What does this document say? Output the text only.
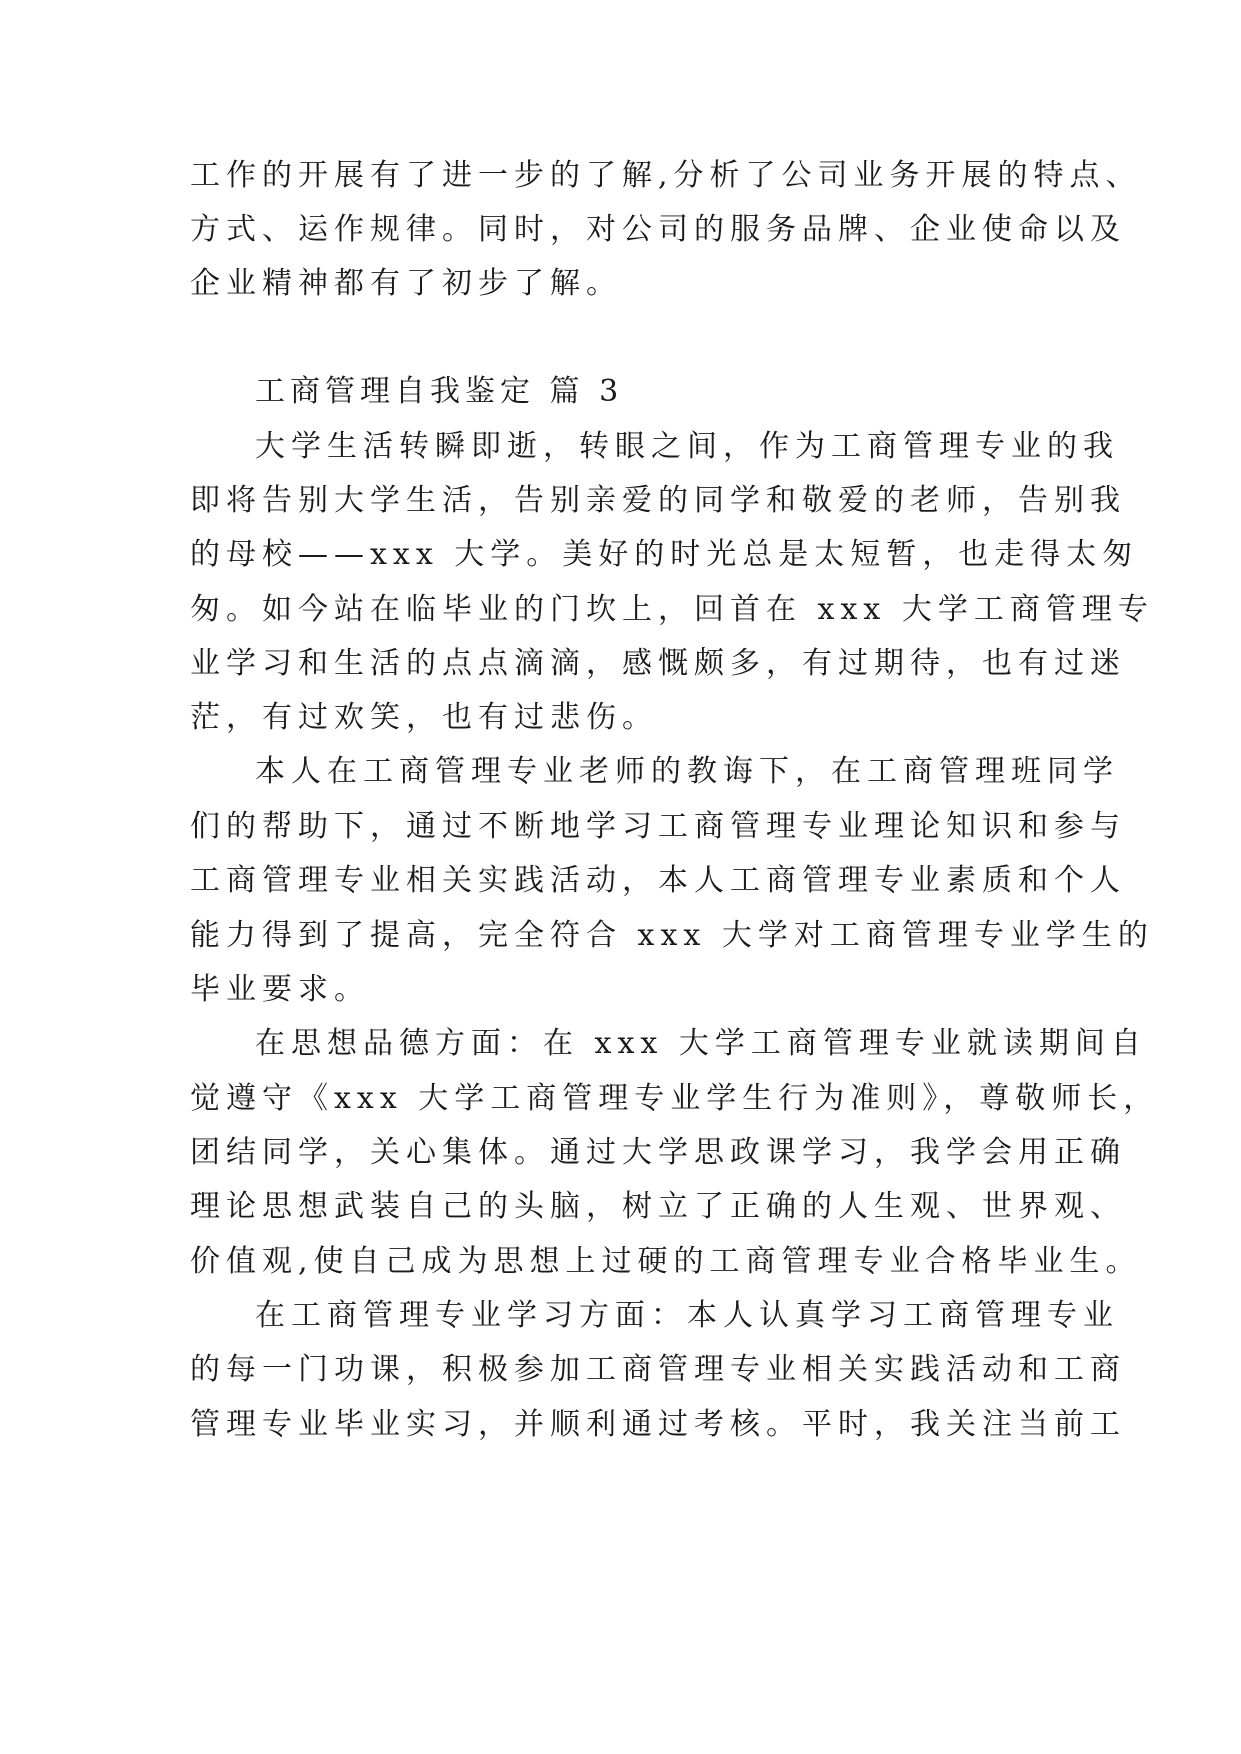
工作的开展有了进一步的了解,分析了公司业务开展的特点、
方式、运作规律。同时，对公司的服务品牌、企业使命以及
企业精神都有了初步了解。
工商管理自我鉴定 篇 3
大学生活转瞬即逝，转眼之间，作为工商管理专业的我
即将告别大学生活，告别亲爱的同学和敬爱的老师，告别我
的母校——xxx 大学。美好的时光总是太短暂，也走得太匆
匆。如今站在临毕业的门坎上，回首在 xxx 大学工商管理专
业学习和生活的点点滴滴，感慨颇多，有过期待，也有过迷
茫，有过欢笑，也有过悲伤。
本人在工商管理专业老师的教诲下，在工商管理班同学
们的帮助下，通过不断地学习工商管理专业理论知识和参与
工商管理专业相关实践活动，本人工商管理专业素质和个人
能力得到了提高，完全符合 xxx 大学对工商管理专业学生的
毕业要求。
在思想品德方面：在 xxx 大学工商管理专业就读期间自
觉遵守《xxx 大学工商管理专业学生行为准则》，尊敬师长，
团结同学，关心集体。通过大学思政课学习，我学会用正确
理论思想武装自己的头脑，树立了正确的人生观、世界观、
价值观,使自己成为思想上过硬的工商管理专业合格毕业生。
在工商管理专业学习方面：本人认真学习工商管理专业
的每一门功课，积极参加工商管理专业相关实践活动和工商
管理专业毕业实习，并顺利通过考核。平时，我关注当前工
